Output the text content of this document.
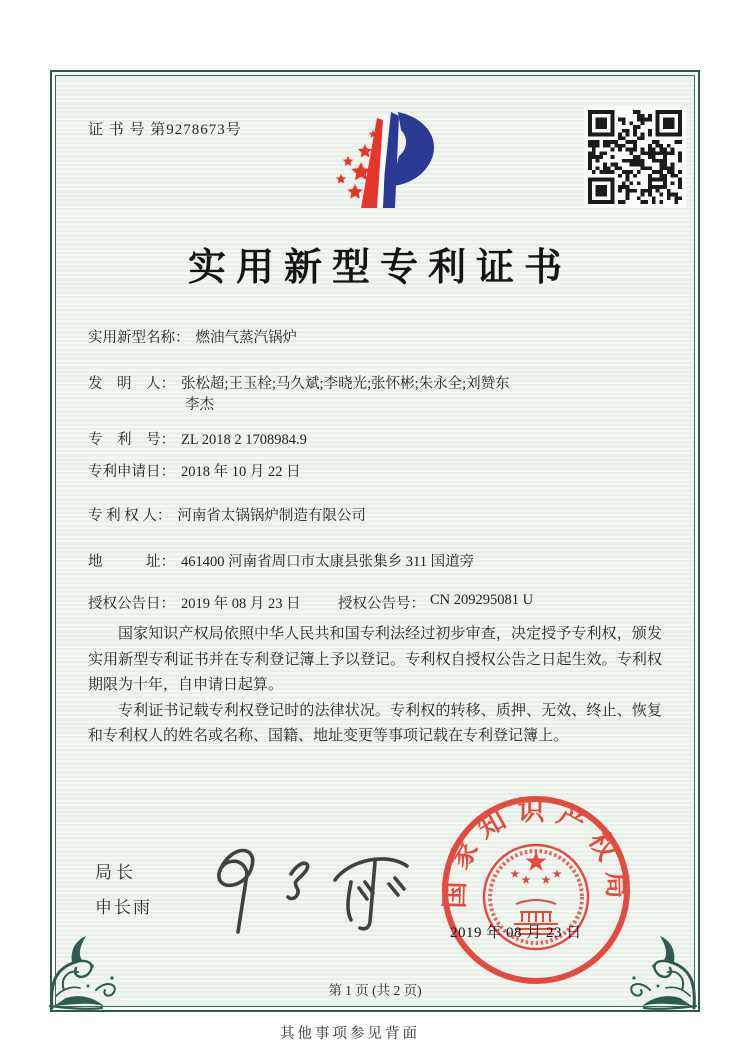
证 书 号 第9278673号
实用新型专利证书
实用新型名称： 燃油气蒸汽锅炉
发　明　人： 张松超;王玉栓;马久斌;李晓光;张怀彬;朱永全;刘赞东
李杰
专　利　号： ZL 2018 2 1708984.9
专利申请日： 2018 年 10 月 22 日
专 利 权 人： 河南省太锅锅炉制造有限公司
地　　　址： 461400 河南省周口市太康县张集乡 311 国道旁
授权公告日： 2019 年 08 月 23 日	授权公告号： CN 209295081 U

国家知识产权局依照中华人民共和国专利法经过初步审查，决定授予专利权，颁发实用新型专利证书并在专利登记簿上予以登记。专利权自授权公告之日起生效。专利权期限为十年，自申请日起算。

专利证书记载专利权登记时的法律状况。专利权的转移、质押、无效、终止、恢复和专利权人的姓名或名称、国籍、地址变更等事项记载在专利登记簿上。

局长
申长雨	国家知识产权局
2019 年 08 月 23 日
第 1 页 (共 2 页)
其他事项参见背面
